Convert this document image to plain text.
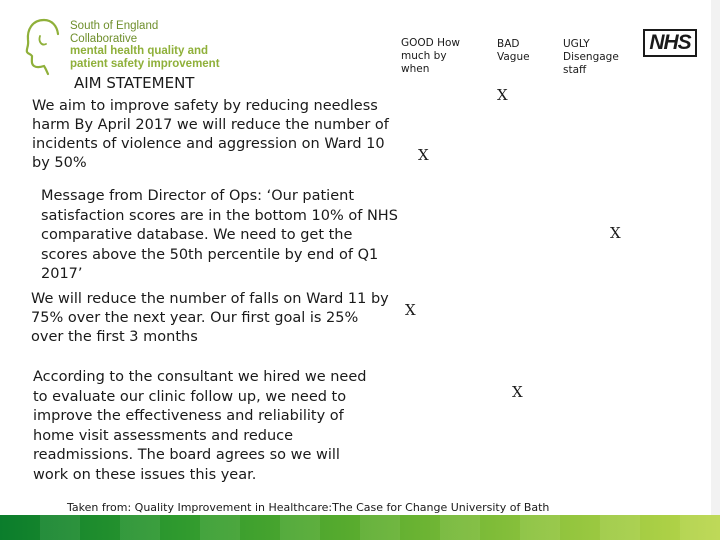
South of England Collaborative
mental health quality and
patient safety improvement
AIM STATEMENT
We aim to improve safety by reducing needless harm By April 2017 we will reduce the number of incidents of violence and aggression on Ward 10 by 50%
Message from Director of Ops: ‘Our patient satisfaction scores are in the bottom 10% of NHS comparative database. We need to get the scores above the 50th percentile by end of Q1 2017’
We will reduce the number of falls on Ward 11 by 75% over the next year. Our first goal is 25% over the first 3 months
According to the consultant we hired we need to evaluate our clinic follow up, we need to improve the effectiveness and reliability of home visit assessments and reduce readmissions. The board agrees so we will work on these issues this year.
GOOD How much by when
BAD Vague
UGLY Disengage staff
X
X
X
X
X
NHS
Taken from: Quality Improvement in Healthcare:The Case for Change University of Bath
